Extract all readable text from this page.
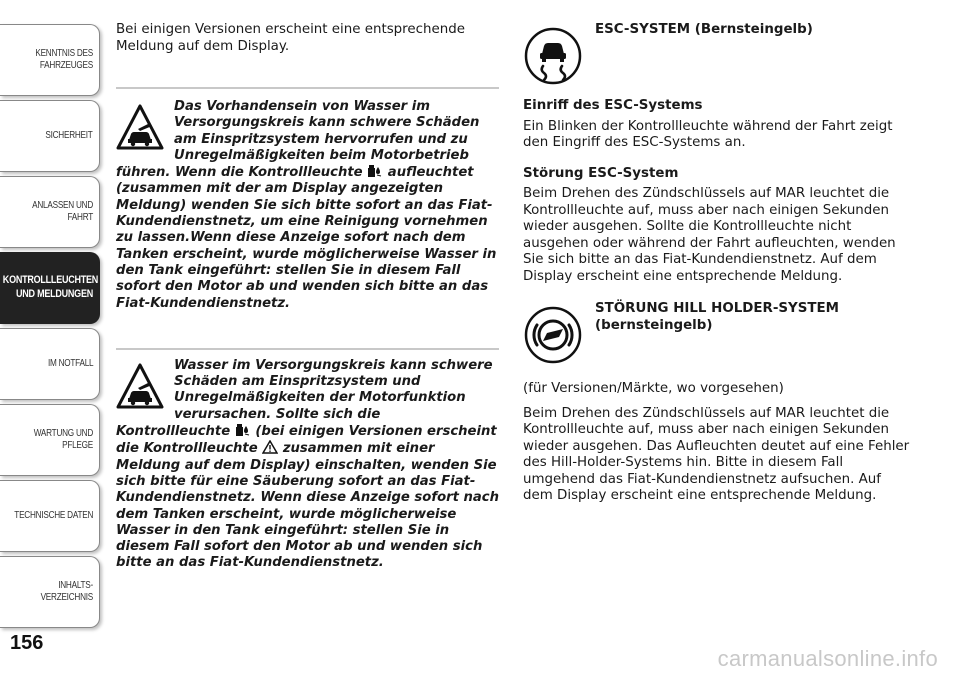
KENNTNIS DES FAHRZEUGES
SICHERHEIT
ANLASSEN UND FAHRT
KONTROLLLEUCHTEN UND MELDUNGEN
IM NOTFALL
WARTUNG UND PFLEGE
TECHNISCHE DATEN
INHALTS-VERZEICHNIS
156

Bei einigen Versionen erscheint eine entsprechende Meldung auf dem Display.

Das Vorhandensein von Wasser im Versorgungskreis kann schwere Schäden am Einspritzsystem hervorrufen und zu Unregelmäßigkeiten beim Motorbetrieb führen. Wenn die Kontrollleuchte  aufleuchtet (zusammen mit der am Display angezeigten Meldung) wenden Sie sich bitte sofort an das Fiat-Kundendienstnetz, um eine Reinigung vornehmen zu lassen.Wenn diese Anzeige sofort nach dem Tanken erscheint, wurde möglicherweise Wasser in den Tank eingeführt: stellen Sie in diesem Fall sofort den Motor ab und wenden sich bitte an das Fiat-Kundendienstnetz.
Wasser im Versorgungskreis kann schwere Schäden am Einspritzsystem und Unregelmäßigkeiten der Motorfunktion verursachen. Sollte sich die Kontrollleuchte  (bei einigen Versionen erscheint die Kontrollleuchte  zusammen mit einer Meldung auf dem Display) einschalten, wenden Sie sich bitte für eine Säuberung sofort an das Fiat-Kundendienstnetz. Wenn diese Anzeige sofort nach dem Tanken erscheint, wurde möglicherweise Wasser in den Tank eingeführt: stellen Sie in diesem Fall sofort den Motor ab und wenden sich bitte an das Fiat-Kundendienstnetz.
ESC-SYSTEM (Bernsteingelb)

Einriff des ESC-Systems

Ein Blinken der Kontrollleuchte während der Fahrt zeigt den Eingriff des ESC-Systems an.

Störung ESC-System

Beim Drehen des Zündschlüssels auf MAR leuchtet die Kontrollleuchte auf, muss aber nach einigen Sekunden wieder ausgehen. Sollte die Kontrollleuchte nicht ausgehen oder während der Fahrt aufleuchten, wenden Sie sich bitte an das Fiat-Kundendienstnetz. Auf dem Display erscheint eine entsprechende Meldung.

STÖRUNG HILL HOLDER-SYSTEM (bernsteingelb)

(für Versionen/Märkte, wo vorgesehen)

Beim Drehen des Zündschlüssels auf MAR leuchtet die Kontrollleuchte auf, muss aber nach einigen Sekunden wieder ausgehen. Das Aufleuchten deutet auf eine Fehler des Hill-Holder-Systems hin. Bitte in diesem Fall umgehend das Fiat-Kundendienstnetz aufsuchen. Auf dem Display erscheint eine entsprechende Meldung.

carmanualsonline.info
